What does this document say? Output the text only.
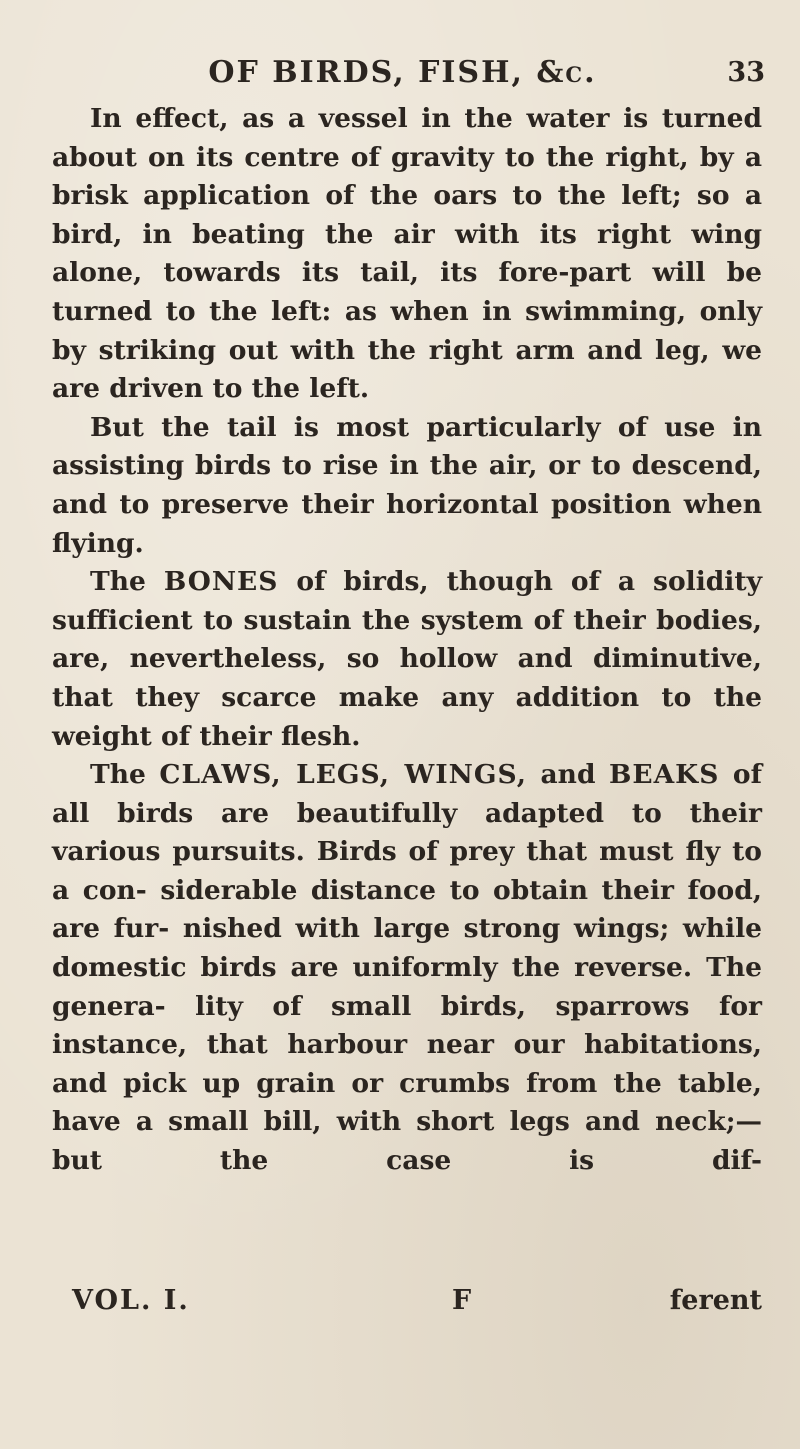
OF BIRDS, FISH, &c.	33

In effect, as a vessel in the water is turned about on its centre of gravity to the right, by a brisk application of the oars to the left; so a bird, in beating the air with its right wing alone, towards its tail, its fore-part will be turned to the left: as when in swimming, only by striking out with the right arm and leg, we are driven to the left.

But the tail is most particularly of use in assisting birds to rise in the air, or to descend, and to preserve their horizontal position when flying.

The BONES of birds, though of a solidity sufficient to sustain the system of their bodies, are, nevertheless, so hollow and diminutive, that they scarce make any addition to the weight of their flesh.

The CLAWS, LEGS, WINGS, and BEAKS of all birds are beautifully adapted to their various pursuits. Birds of prey that must fly to a con- siderable distance to obtain their food, are fur- nished with large strong wings; while domestic birds are uniformly the reverse. The genera- lity of small birds, sparrows for instance, that harbour near our habitations, and pick up grain or crumbs from the table, have a small bill, with short legs and neck;—but the case is dif-

VOL. I.	F	ferent
